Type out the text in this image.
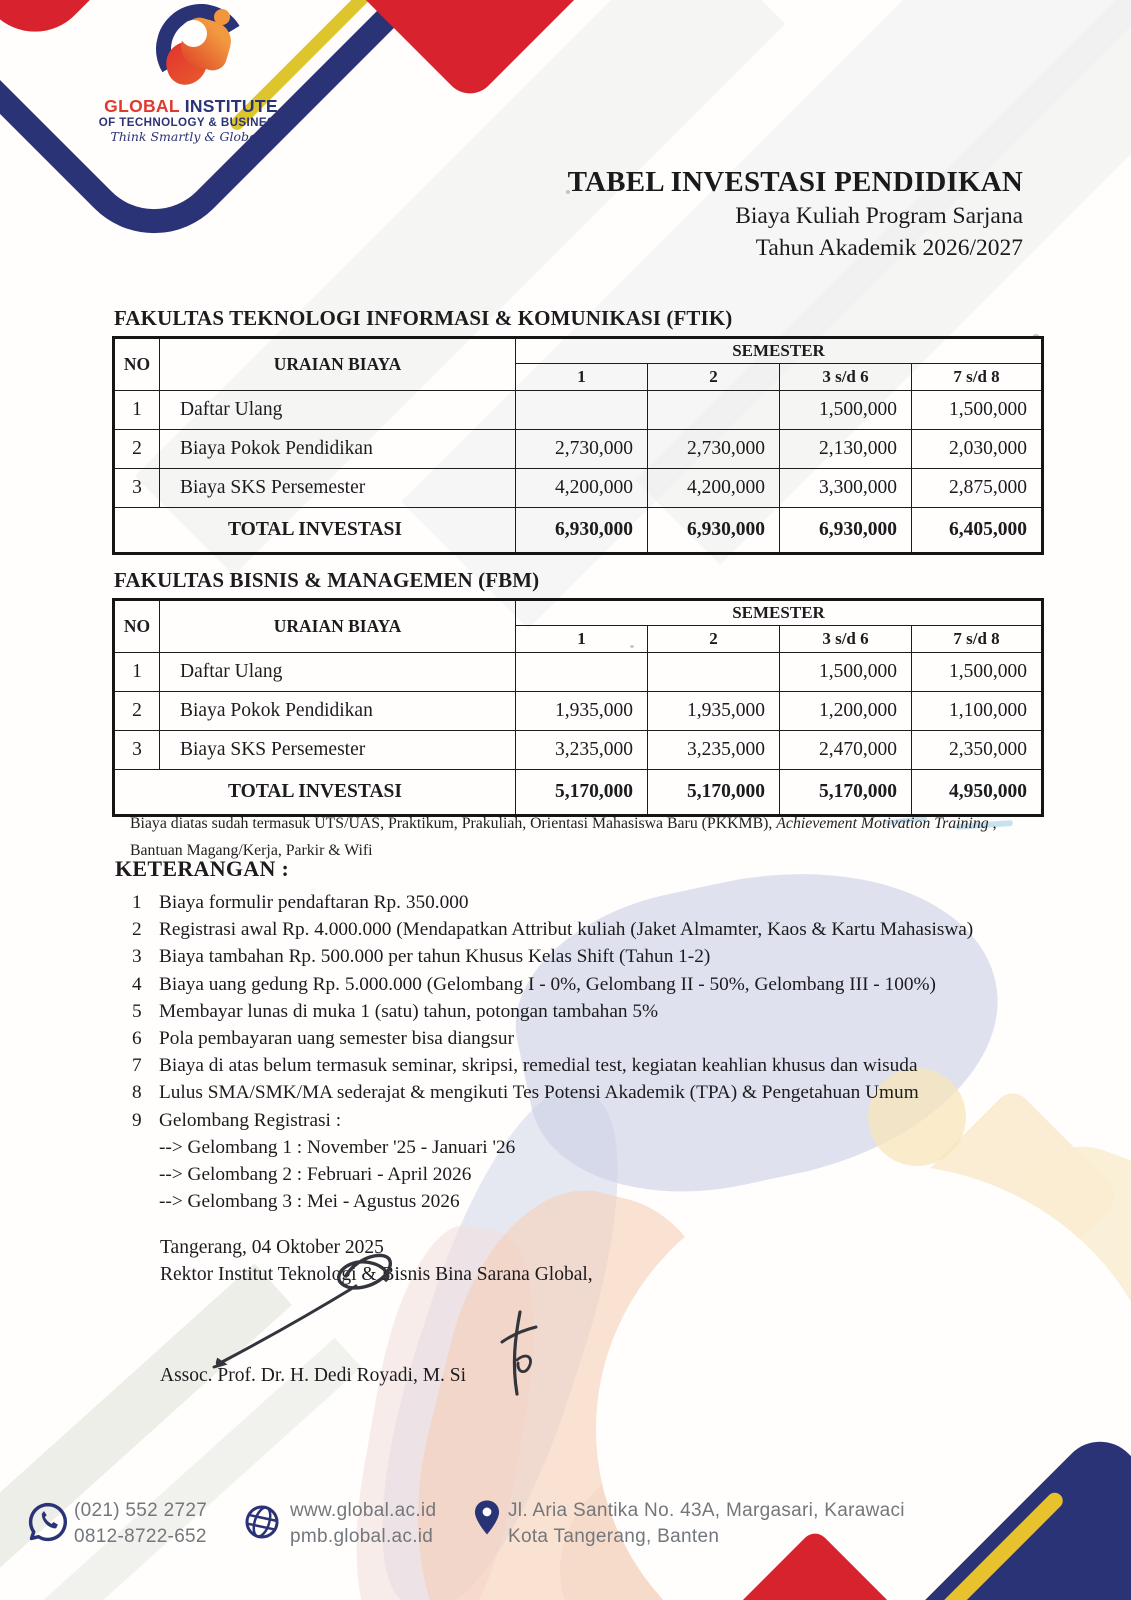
GLOBAL INSTITUTE
OF TECHNOLOGY & BUSINESS
Think Smartly & Globally
TABEL INVESTASI PENDIDIKAN
Biaya Kuliah Program Sarjana
Tahun Akademik 2026/2027
FAKULTAS TEKNOLOGI INFORMASI & KOMUNIKASI (FTIK)
NO	URAIAN BIAYA	SEMESTER			
		1	2	3 s/d 6	7 s/d 8
1	Daftar Ulang			1,500,000	1,500,000
2	Biaya Pokok Pendidikan	2,730,000	2,730,000	2,130,000	2,030,000
3	Biaya SKS Persemester	4,200,000	4,200,000	3,300,000	2,875,000
TOTAL INVESTASI		6,930,000	6,930,000	6,930,000	6,405,000
FAKULTAS BISNIS & MANAGEMEN (FBM)
NO	URAIAN BIAYA	SEMESTER			
		1	2	3 s/d 6	7 s/d 8
1	Daftar Ulang			1,500,000	1,500,000
2	Biaya Pokok Pendidikan	1,935,000	1,935,000	1,200,000	1,100,000
3	Biaya SKS Persemester	3,235,000	3,235,000	2,470,000	2,350,000
TOTAL INVESTASI		5,170,000	5,170,000	5,170,000	4,950,000
Biaya diatas sudah termasuk UTS/UAS, Praktikum, Prakuliah, Orientasi Mahasiswa Baru (PKKMB), Achievement Motivation Training , Bantuan Magang/Kerja, Parkir & Wifi
KETERANGAN :
1 Biaya formulir pendaftaran Rp. 350.000
2 Registrasi awal Rp. 4.000.000 (Mendapatkan Attribut kuliah (Jaket Almamter, Kaos & Kartu Mahasiswa)
3 Biaya tambahan Rp. 500.000 per tahun Khusus Kelas Shift (Tahun 1-2)
4 Biaya uang gedung Rp. 5.000.000 (Gelombang I - 0%, Gelombang II - 50%, Gelombang III - 100%)
5 Membayar lunas di muka 1 (satu) tahun, potongan tambahan 5%
6 Pola pembayaran uang semester bisa diangsur
7 Biaya di atas belum termasuk seminar, skripsi, remedial test, kegiatan keahlian khusus dan wisuda
8 Lulus SMA/SMK/MA sederajat & mengikuti Tes Potensi Akademik (TPA) & Pengetahuan Umum
9 Gelombang Registrasi :
--> Gelombang 1 : November '25 - Januari '26
--> Gelombang 2 : Februari - April 2026
--> Gelombang 3 : Mei - Agustus 2026
Tangerang, 04 Oktober 2025
Rektor Institut Teknologi & Bisnis Bina Sarana Global,
Assoc. Prof. Dr. H. Dedi Royadi, M. Si
(021) 552 2727
0812-8722-652
www.global.ac.id
pmb.global.ac.id
Jl. Aria Santika No. 43A, Margasari, Karawaci
Kota Tangerang, Banten
